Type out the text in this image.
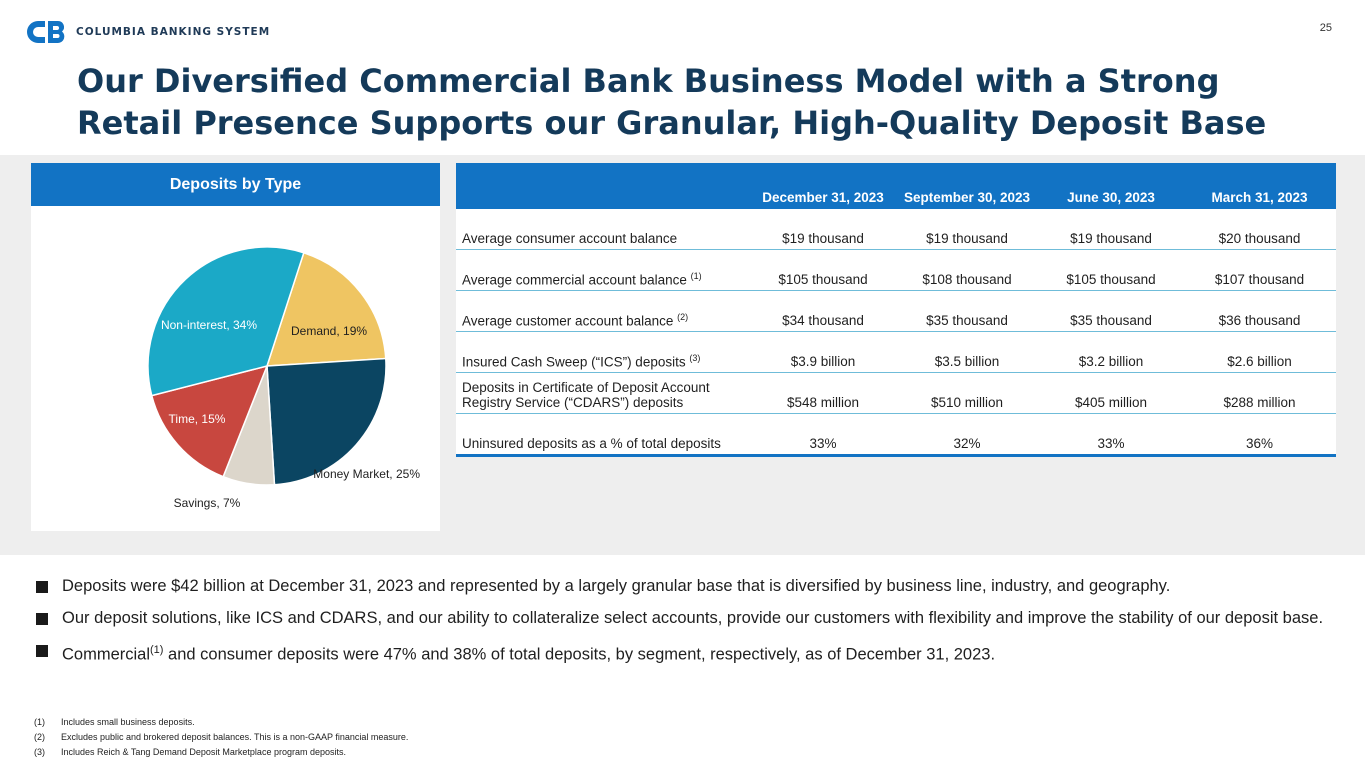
COLUMBIA BANKING SYSTEM	25
Our Diversified Commercial Bank Business Model with a Strong Retail Presence Supports our Granular, High-Quality Deposit Base
Demand, 19%
Money Market, 25%
Savings, 7%
Time, 15%
Non-interest, 34%
Deposits by Type
	December 31, 2023	September 30, 2023	June 30, 2023	March 31, 2023
Average consumer account balance	$19 thousand	$19 thousand	$19 thousand	$20 thousand
Average commercial account balance $^{(1)}$	$105 thousand	$108 thousand	$105 thousand	$107 thousand
Average customer account balance $^{(2)}$	$34 thousand	$35 thousand	$35 thousand	$36 thousand
Insured Cash Sweep (“ICS”) deposits $^{(3)}$	$3.9 billion	$3.5 billion	$3.2 billion	$2.6 billion
Deposits in Certificate of Deposit Account Registry Service (“CDARS”) deposits	$548 million	$510 million	$405 million	$288 million
Uninsured deposits as a % of total deposits	33%	32%	33%	36%
Deposits were $42 billion at December 31, 2023 and represented by a largely granular base that is diversified by business line, industry, and geography.
Our deposit solutions, like ICS and CDARS, and our ability to collateralize select accounts, provide our customers with flexibility and improve the stability of our deposit base.
Commercial$^{(1)}$ and consumer deposits were 47% and 38% of total deposits, by segment, respectively, as of December 31, 2023.
(1)	Includes small business deposits.
(2)	Excludes public and brokered deposit balances. This is a non-GAAP financial measure.
(3)	Includes Reich & Tang Demand Deposit Marketplace program deposits.
